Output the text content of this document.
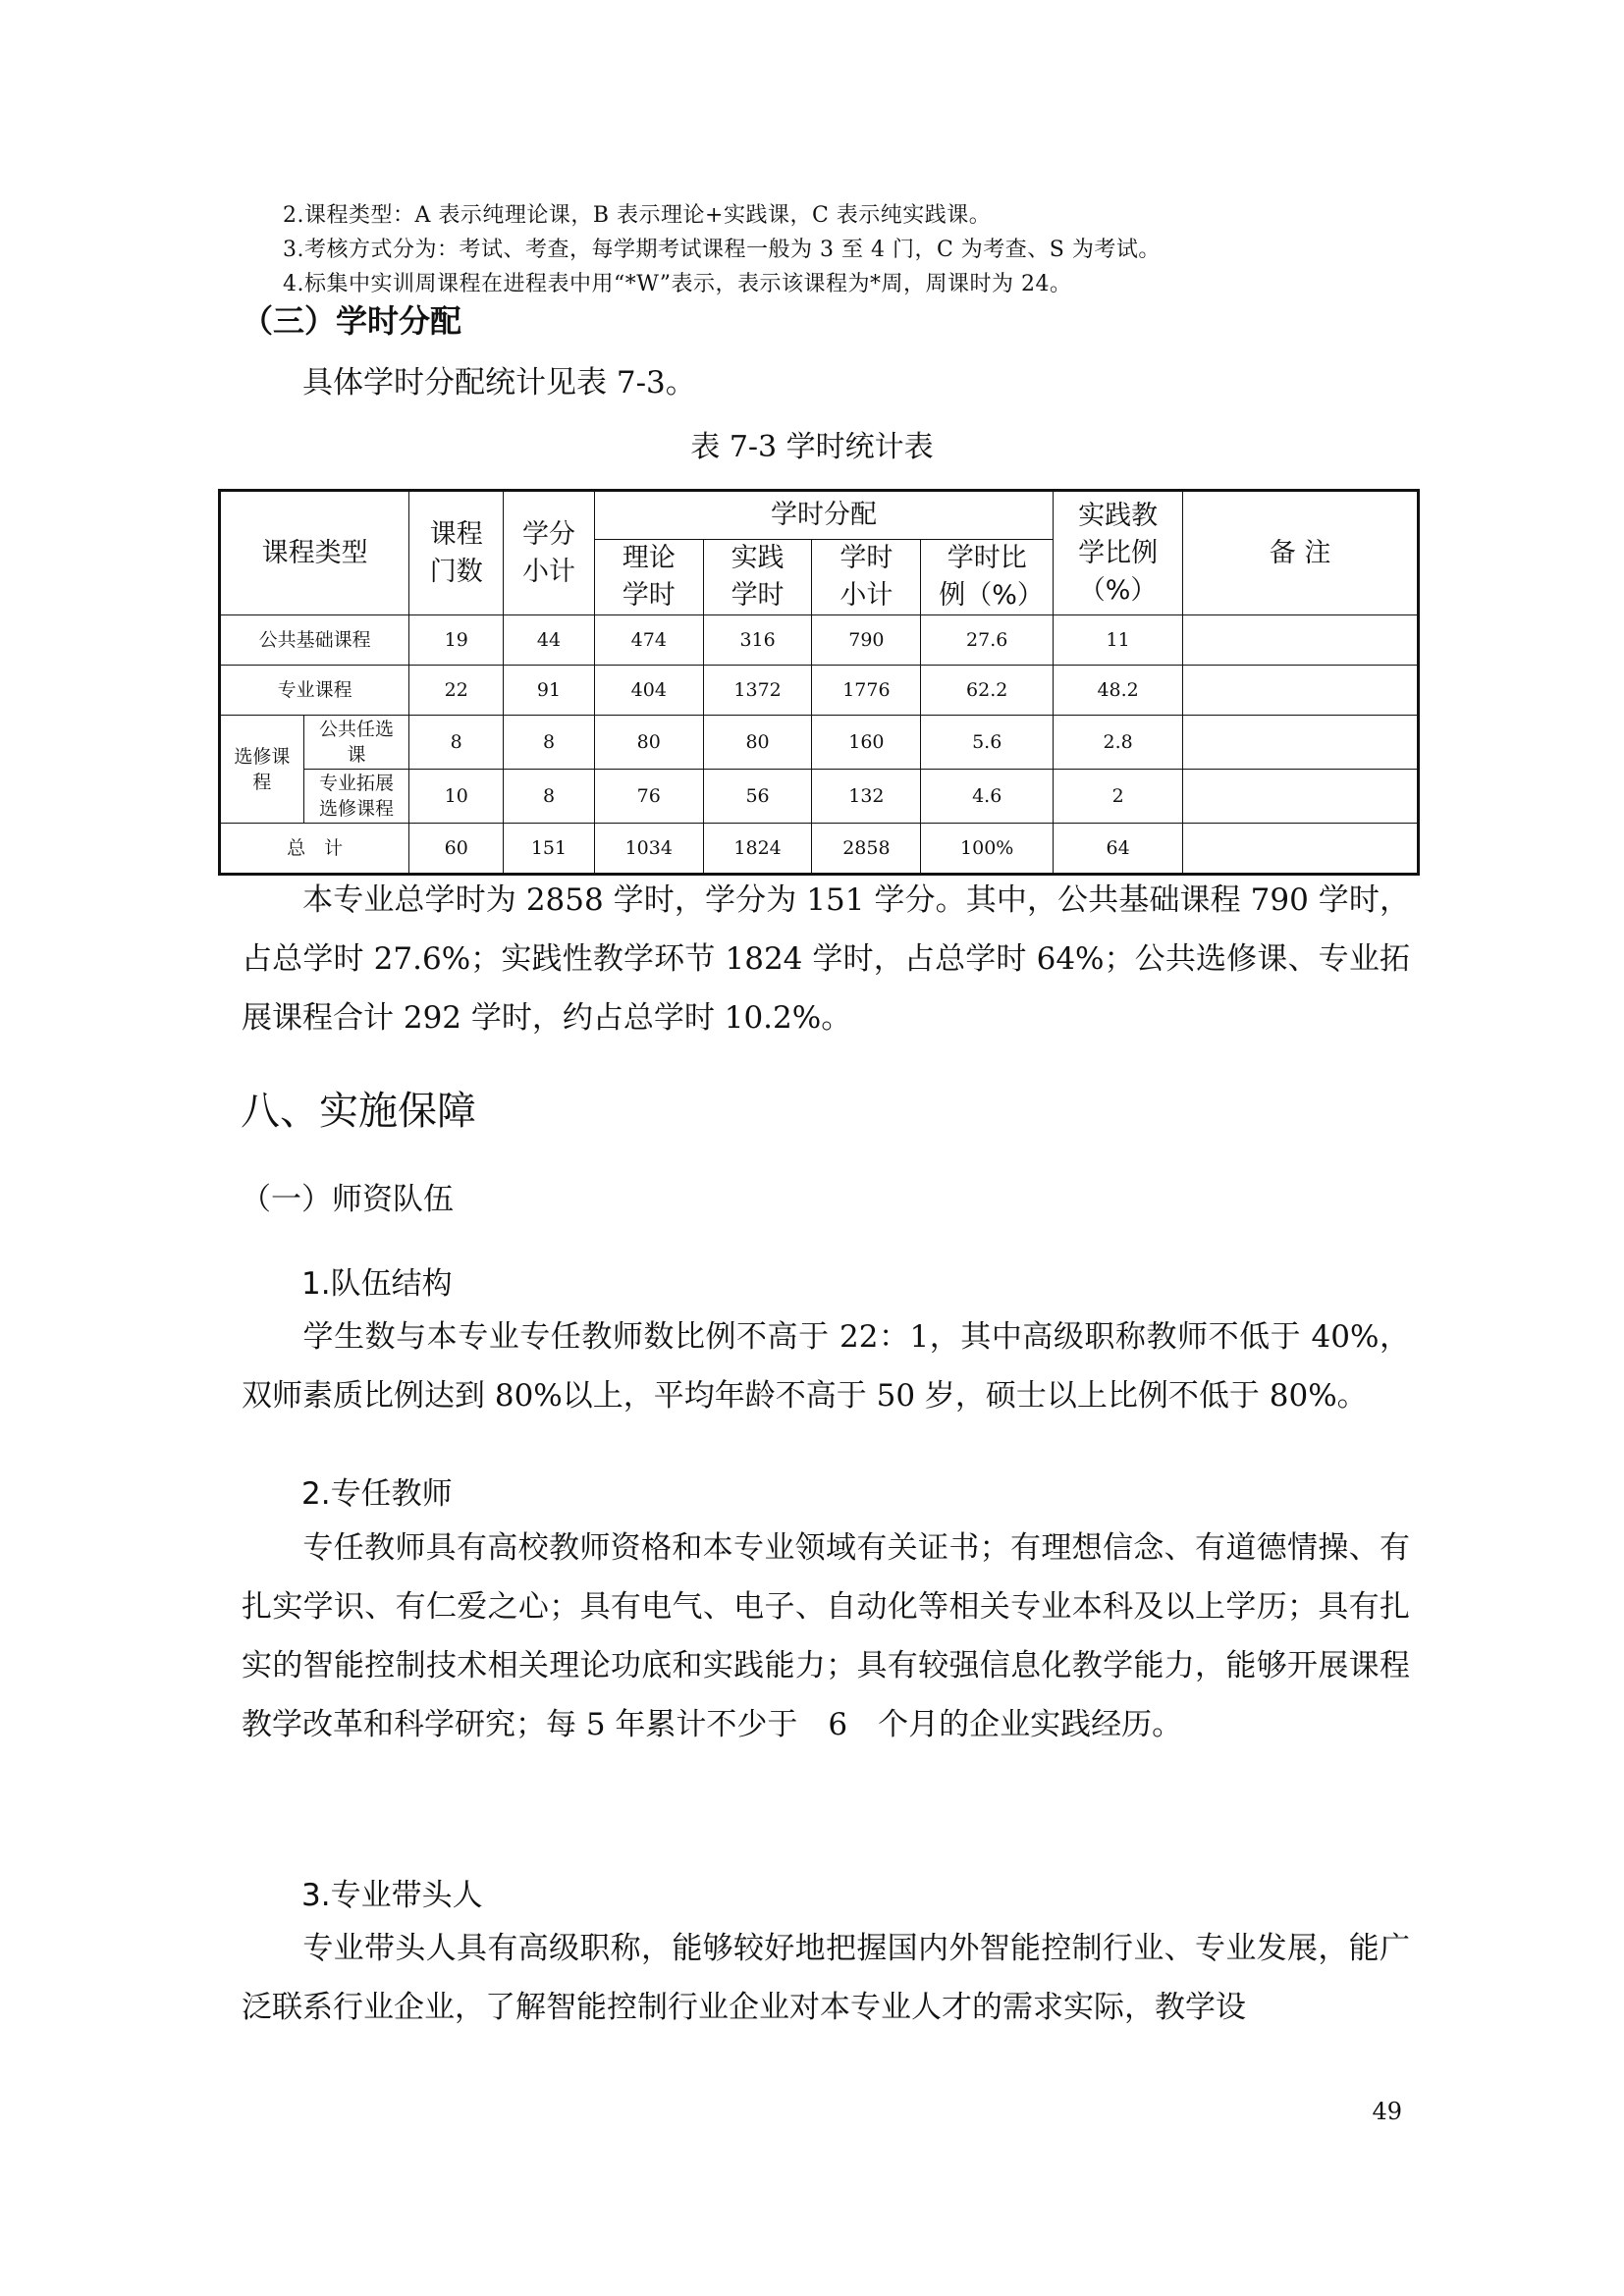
2.课程类型：A 表示纯理论课，B 表示理论+实践课，C 表示纯实践课。
3.考核方式分为：考试、考查，每学期考试课程一般为 3 至 4 门，C 为考查、S 为考试。
4.标集中实训周课程在进程表中用“*W”表示，表示该课程为*周，周课时为 24。
（三）学时分配
具体学时分配统计见表 7-3。
表 7-3 学时统计表
课程类型		课程门数	学分小计	学时分配				实践教学比例（%）	备 注
				理论学时	实践学时	学时小计	学时比例（%）		
公共基础课程		19	44	474	316	790	27.6	11	
专业课程		22	91	404	1372	1776	62.2	48.2	
选修课程	公共任选课	8	8	80	80	160	5.6	2.8	
	专业拓展选修课程	10	8	76	56	132	4.6	2	
总　计		60	151	1034	1824	2858	100%	64	
本专业总学时为 2858 学时，学分为 151 学分。其中，公共基础课程 790 学时，占总学时 27.6%；实践性教学环节 1824 学时，占总学时 64%；公共选修课、专业拓展课程合计 292 学时，约占总学时 10.2%。
八、实施保障
（一）师资队伍
1.队伍结构
学生数与本专业专任教师数比例不高于 22：1，其中高级职称教师不低于 40%，双师素质比例达到 80%以上，平均年龄不高于 50 岁，硕士以上比例不低于 80%。
2.专任教师
专任教师具有高校教师资格和本专业领域有关证书；有理想信念、有道德情操、有扎实学识、有仁爱之心；具有电气、电子、自动化等相关专业本科及以上学历；具有扎实的智能控制技术相关理论功底和实践能力；具有较强信息化教学能力，能够开展课程教学改革和科学研究；每 5 年累计不少于　6　个月的企业实践经历。
3.专业带头人
专业带头人具有高级职称，能够较好地把握国内外智能控制行业、专业发展，能广泛联系行业企业，了解智能控制行业企业对本专业人才的需求实际，教学设
49
